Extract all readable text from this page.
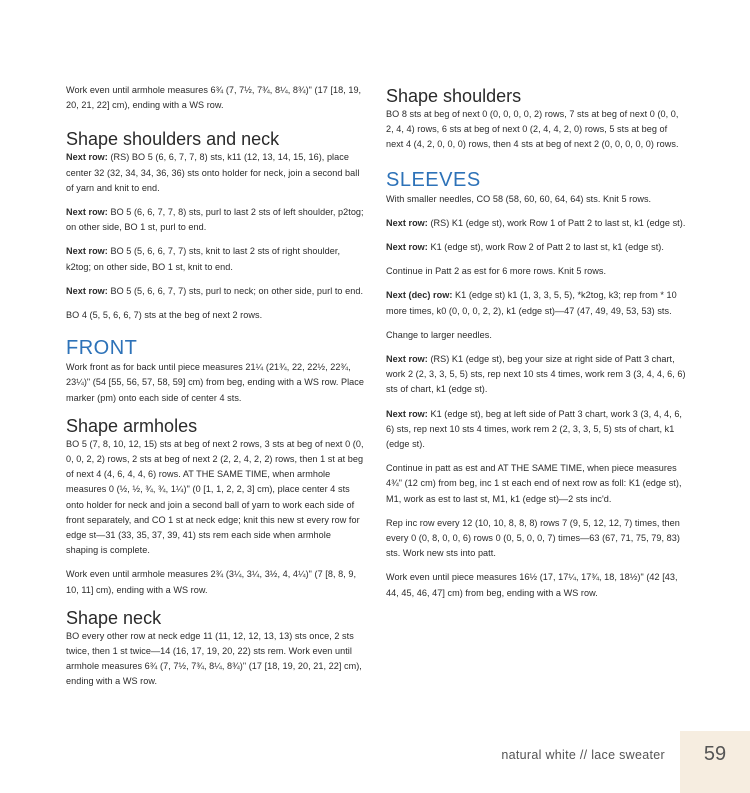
Work even until armhole measures 6¾ (7, 7½, 7¾, 8¼, 8¾)" (17 [18, 19, 20, 21, 22] cm), ending with a WS row.

Shape shoulders and neck

Next row: (RS) BO 5 (6, 6, 7, 7, 8) sts, k11 (12, 13, 14, 15, 16), place center 32 (32, 34, 34, 36, 36) sts onto holder for neck, join a second ball of yarn and knit to end.

Next row: BO 5 (6, 6, 7, 7, 8) sts, purl to last 2 sts of left shoulder, p2tog; on other side, BO 1 st, purl to end.

Next row: BO 5 (5, 6, 6, 7, 7) sts, knit to last 2 sts of right shoulder, k2tog; on other side, BO 1 st, knit to end.

Next row: BO 5 (5, 6, 6, 7, 7) sts, purl to neck; on other side, purl to end.

BO 4 (5, 5, 6, 6, 7) sts at the beg of next 2 rows.

FRONT

Work front as for back until piece measures 21¼ (21¾, 22, 22½, 22¾, 23¼)" (54 [55, 56, 57, 58, 59] cm) from beg, ending with a WS row. Place marker (pm) onto each side of center 4 sts.

Shape armholes

BO 5 (7, 8, 10, 12, 15) sts at beg of next 2 rows, 3 sts at beg of next 0 (0, 0, 0, 2, 2) rows, 2 sts at beg of next 2 (2, 2, 4, 2, 2) rows, then 1 st at beg of next 4 (4, 6, 4, 4, 6) rows. AT THE SAME TIME, when armhole measures 0 (½, ½, ¾, ¾, 1¼)" (0 [1, 1, 2, 2, 3] cm), place center 4 sts onto holder for neck and join a second ball of yarn to work each side of front separately, and CO 1 st at neck edge; knit this new st every row for edge st—31 (33, 35, 37, 39, 41) sts rem each side when armhole shaping is complete.

Work even until armhole measures 2¾ (3¼, 3¼, 3½, 4, 4¼)" (7 [8, 8, 9, 10, 11] cm), ending with a WS row.

Shape neck

BO every other row at neck edge 11 (11, 12, 12, 13, 13) sts once, 2 sts twice, then 1 st twice—14 (16, 17, 19, 20, 22) sts rem. Work even until armhole measures 6¾ (7, 7½, 7¾, 8¼, 8¾)" (17 [18, 19, 20, 21, 22] cm), ending with a WS row.

Shape shoulders

BO 8 sts at beg of next 0 (0, 0, 0, 0, 2) rows, 7 sts at beg of next 0 (0, 0, 2, 4, 4) rows, 6 sts at beg of next 0 (2, 4, 4, 2, 0) rows, 5 sts at beg of next 4 (4, 2, 0, 0, 0) rows, then 4 sts at beg of next 2 (0, 0, 0, 0, 0) rows.

SLEEVES

With smaller needles, CO 58 (58, 60, 60, 64, 64) sts. Knit 5 rows.

Next row: (RS) K1 (edge st), work Row 1 of Patt 2 to last st, k1 (edge st).

Next row: K1 (edge st), work Row 2 of Patt 2 to last st, k1 (edge st).

Continue in Patt 2 as est for 6 more rows. Knit 5 rows.

Next (dec) row: K1 (edge st) k1 (1, 3, 3, 5, 5), *k2tog, k3; rep from * 10 more times, k0 (0, 0, 0, 2, 2), k1 (edge st)—47 (47, 49, 49, 53, 53) sts.

Change to larger needles.

Next row: (RS) K1 (edge st), beg your size at right side of Patt 3 chart, work 2 (2, 3, 3, 5, 5) sts, rep next 10 sts 4 times, work rem 3 (3, 4, 4, 6, 6) sts of chart, k1 (edge st).

Next row: K1 (edge st), beg at left side of Patt 3 chart, work 3 (3, 4, 4, 6, 6) sts, rep next 10 sts 4 times, work rem 2 (2, 3, 3, 5, 5) sts of chart, k1 (edge st).

Continue in patt as est and AT THE SAME TIME, when piece measures 4¾" (12 cm) from beg, inc 1 st each end of next row as foll: K1 (edge st), M1, work as est to last st, M1, k1 (edge st)—2 sts inc'd.

Rep inc row every 12 (10, 10, 8, 8, 8) rows 7 (9, 5, 12, 12, 7) times, then every 0 (0, 8, 0, 0, 6) rows 0 (0, 5, 0, 0, 7) times—63 (67, 71, 75, 79, 83) sts. Work new sts into patt.

Work even until piece measures 16½ (17, 17¼, 17¾, 18, 18½)" (42 [43, 44, 45, 46, 47] cm) from beg, ending with a WS row.

natural white // lace sweater	59
